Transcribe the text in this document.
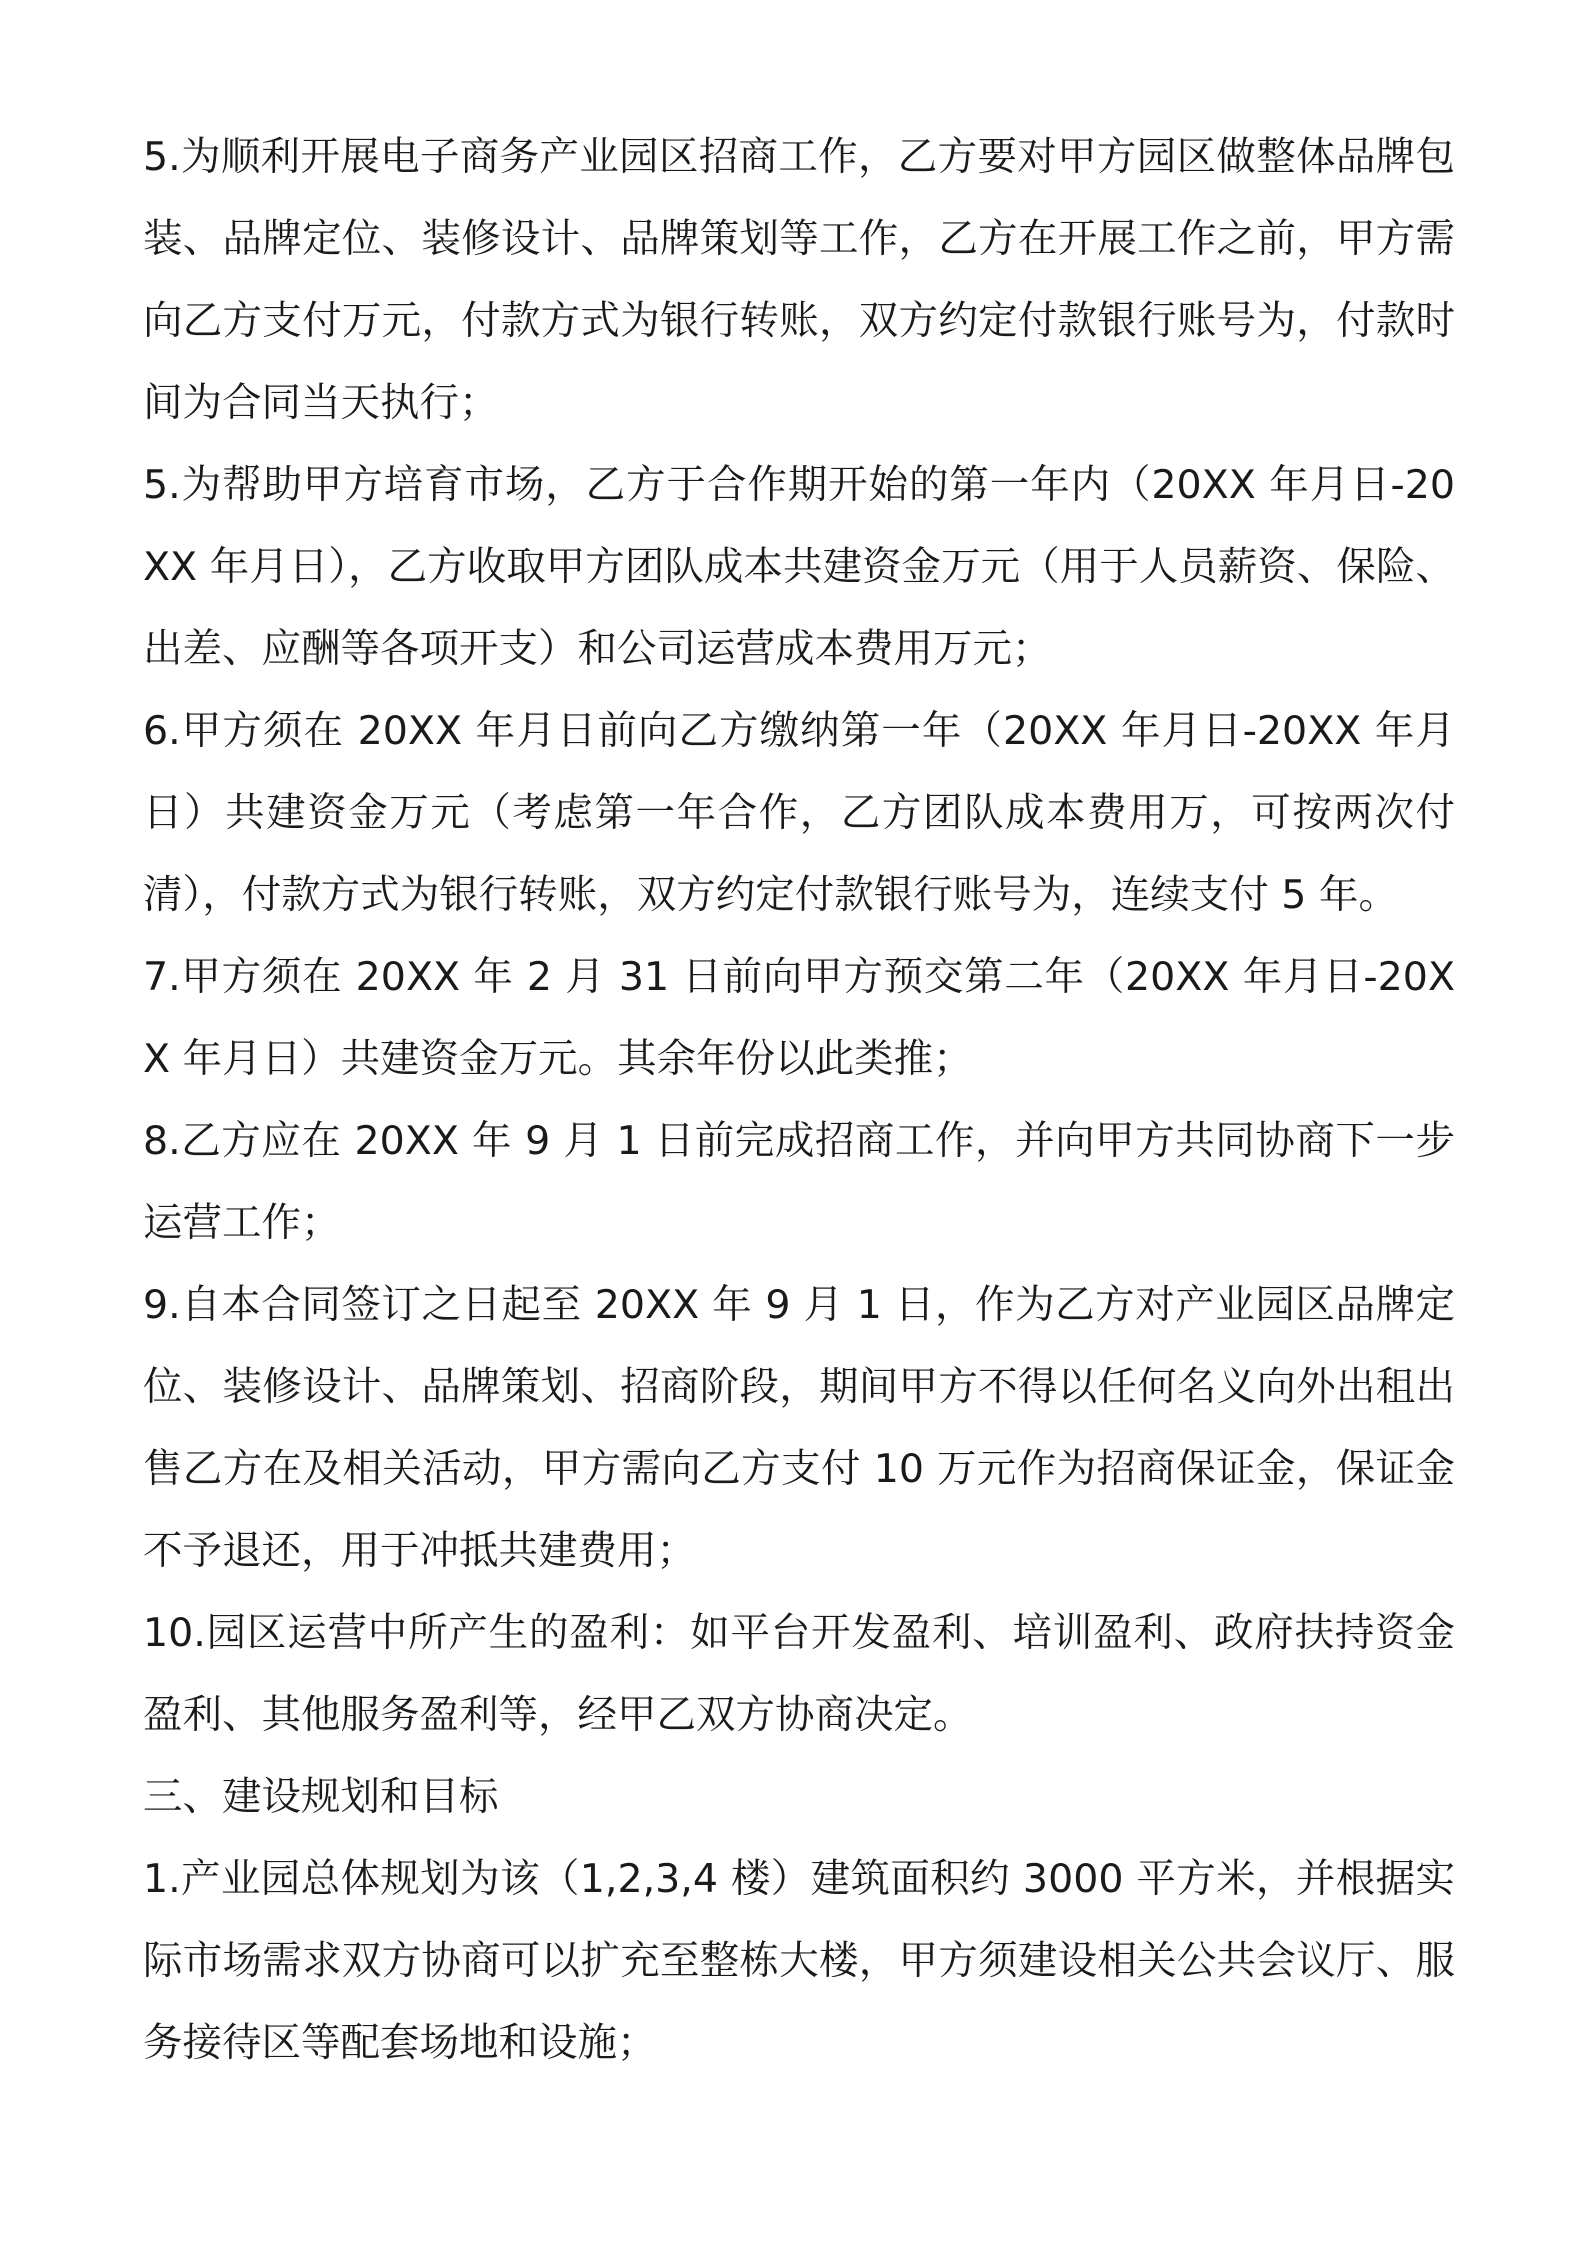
5.为顺利开展电子商务产业园区招商工作，乙方要对甲方园区做整体品牌包装、品牌定位、装修设计、品牌策划等工作，乙方在开展工作之前，甲方需向乙方支付万元，付款方式为银行转账，双方约定付款银行账号为，付款时间为合同当天执行；

5.为帮助甲方培育市场，乙方于合作期开始的第一年内（20XX 年月日-20XX 年月日），乙方收取甲方团队成本共建资金万元（用于人员薪资、保险、出差、应酬等各项开支）和公司运营成本费用万元；

6.甲方须在 20XX 年月日前向乙方缴纳第一年（20XX 年月日-20XX 年月日）共建资金万元（考虑第一年合作，乙方团队成本费用万，可按两次付清），付款方式为银行转账，双方约定付款银行账号为，连续支付 5 年。

7.甲方须在 20XX 年 2 月 31 日前向甲方预交第二年（20XX 年月日-20XX 年月日）共建资金万元。其余年份以此类推；

8.乙方应在 20XX 年 9 月 1 日前完成招商工作，并向甲方共同协商下一步运营工作；

9.自本合同签订之日起至 20XX 年 9 月 1 日，作为乙方对产业园区品牌定位、装修设计、品牌策划、招商阶段，期间甲方不得以任何名义向外出租出售乙方在及相关活动，甲方需向乙方支付 10 万元作为招商保证金，保证金不予退还，用于冲抵共建费用；

10.园区运营中所产生的盈利：如平台开发盈利、培训盈利、政府扶持资金盈利、其他服务盈利等，经甲乙双方协商决定。

三、建设规划和目标

1.产业园总体规划为该（1,2,3,4 楼）建筑面积约 3000 平方米，并根据实际市场需求双方协商可以扩充至整栋大楼，甲方须建设相关公共会议厅、服务接待区等配套场地和设施；
